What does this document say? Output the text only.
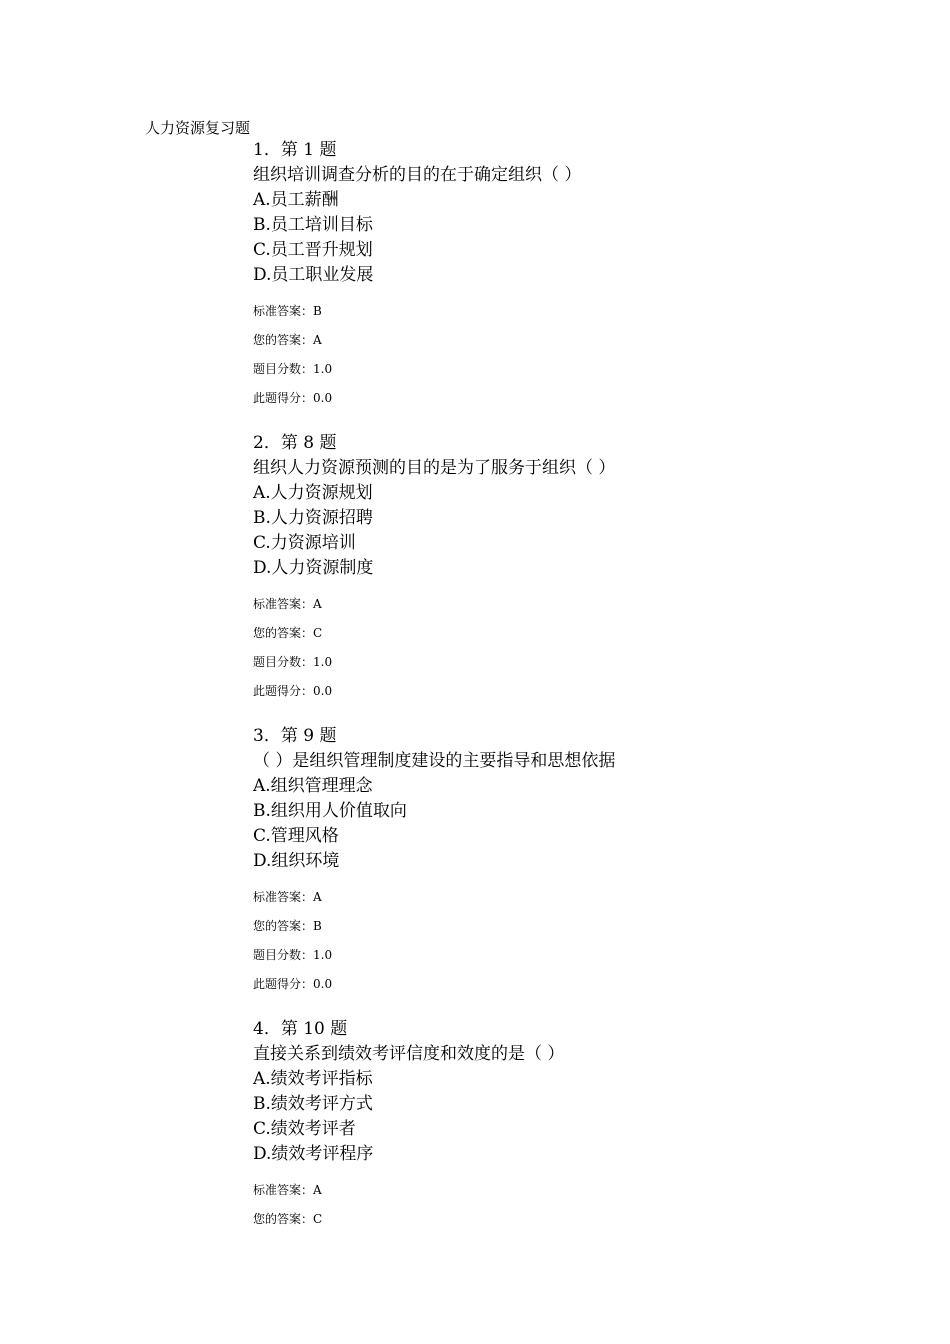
人力资源复习题
1．第 1 题
组织培训调查分析的目的在于确定组织（ ）
A.员工薪酬
B.员工培训目标
C.员工晋升规划
D.员工职业发展
标准答案：B
您的答案：A
题目分数：1.0
此题得分：0.0
2．第 8 题
组织人力资源预测的目的是为了服务于组织（ ）
A.人力资源规划
B.人力资源招聘
C.力资源培训
D.人力资源制度
标准答案：A
您的答案：C
题目分数：1.0
此题得分：0.0
3．第 9 题
（ ）是组织管理制度建设的主要指导和思想依据
A.组织管理理念
B.组织用人价值取向
C.管理风格
D.组织环境
标准答案：A
您的答案：B
题目分数：1.0
此题得分：0.0
4．第 10 题
直接关系到绩效考评信度和效度的是（ ）
A.绩效考评指标
B.绩效考评方式
C.绩效考评者
D.绩效考评程序
标准答案：A
您的答案：C
